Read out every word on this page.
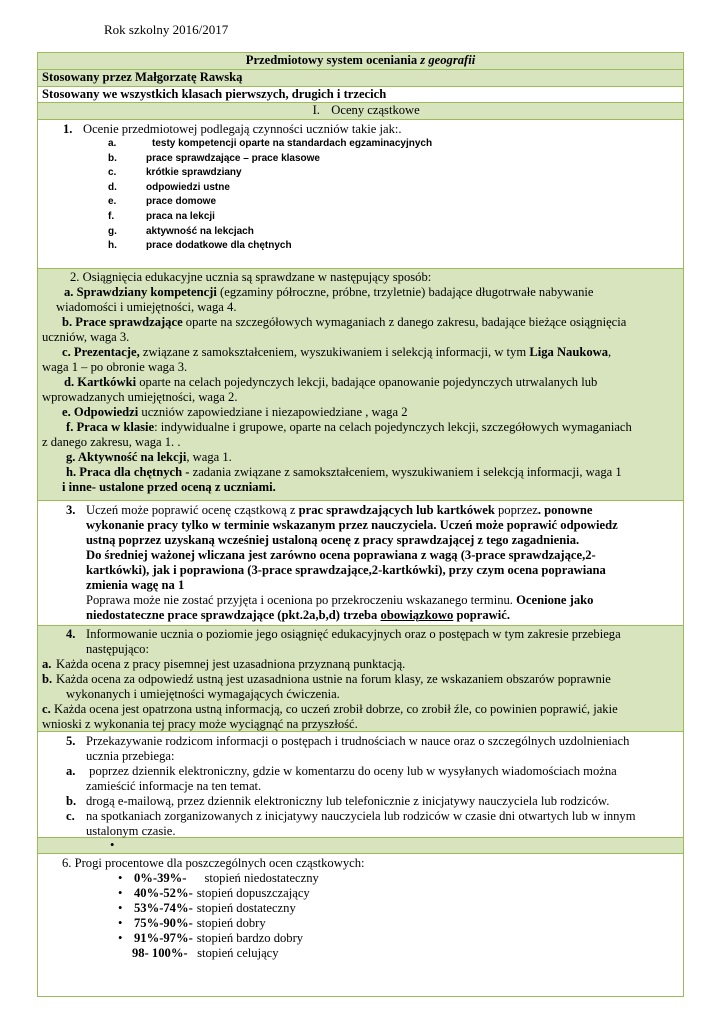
Rok szkolny 2016/2017
Przedmiotowy system oceniania z geografii
Stosowany przez Małgorzatę Rawską
Stosowany we wszystkich klasach pierwszych, drugich i trzecich
I. Oceny cząstkowe
1. Ocenie przedmiotowej podlegają czynności uczniów takie jak:.
a.	testy kompetencji oparte na standardach egzaminacyjnych
b.	prace sprawdzające – prace klasowe
c.	krótkie sprawdziany
d.	odpowiedzi ustne
e.	prace domowe
f.	praca na lekcji
g.	aktywność na lekcjach
h.	prace dodatkowe dla chętnych
2. Osiągnięcia edukacyjne ucznia są sprawdzane w następujący sposób:
a. Sprawdziany kompetencji (egzaminy półroczne, próbne, trzyletnie) badające długotrwałe nabywanie
wiadomości i umiejętności, waga 4.
b. Prace sprawdzające oparte na szczegółowych wymaganiach z danego zakresu, badające bieżące osiągnięcia
uczniów, waga 3.
c. Prezentacje, związane z samokształceniem, wyszukiwaniem i selekcją informacji, w tym Liga Naukowa,
waga 1 – po obronie waga 3.
d. Kartkówki oparte na celach pojedynczych lekcji, badające opanowanie pojedynczych utrwalanych lub
wprowadzanych umiejętności, waga 2.
e. Odpowiedzi uczniów zapowiedziane i niezapowiedziane , waga 2
f. Praca w klasie: indywidualne i grupowe, oparte na celach pojedynczych lekcji, szczegółowych wymaganiach
z danego zakresu, waga 1. .
g. Aktywność na lekcji, waga 1.
h. Praca dla chętnych - zadania związane z samokształceniem, wyszukiwaniem i selekcją informacji, waga 1
i inne- ustalone przed oceną z uczniami.
3. Uczeń może poprawić ocenę cząstkową z prac sprawdzających lub kartkówek poprzez. ponowne
wykonanie pracy tylko w terminie wskazanym przez nauczyciela. Uczeń może poprawić odpowiedz
ustną poprzez uzyskaną wcześniej ustaloną ocenę z pracy sprawdzającej z tego zagadnienia.
Do średniej ważonej wliczana jest zarówno ocena poprawiana z wagą (3-prace sprawdzające,2-
kartkówki), jak i poprawiona (3-prace sprawdzające,2-kartkówki), przy czym ocena poprawiana
zmienia wagę na 1
Poprawa może nie zostać przyjęta i oceniona po przekroczeniu wskazanego terminu. Ocenione jako
niedostateczne prace sprawdzające (pkt.2a,b,d) trzeba obowiązkowo poprawić.
4. Informowanie ucznia o poziomie jego osiągnięć edukacyjnych oraz o postępach w tym zakresie przebiega
następująco:
a. Każda ocena z pracy pisemnej jest uzasadniona przyznaną punktacją.
b. Każda ocena za odpowiedź ustną jest uzasadniona ustnie na forum klasy, ze wskazaniem obszarów poprawnie
wykonanych i umiejętności wymagających ćwiczenia.
c. Każda ocena jest opatrzona ustną informacją, co uczeń zrobił dobrze, co zrobił źle, co powinien poprawić, jakie
wnioski z wykonania tej pracy może wyciągnąć na przyszłość.
5. Przekazywanie rodzicom informacji o postępach i trudnościach w nauce oraz o szczególnych uzdolnieniach
ucznia przebiega:
a. poprzez dziennik elektroniczny, gdzie w komentarzu do oceny lub w wysyłanych wiadomościach można
zamieścić informacje na ten temat.
b. drogą e-mailową, przez dziennik elektroniczny lub telefonicznie z inicjatywy nauczyciela lub rodziców.
c. na spotkaniach zorganizowanych z inicjatywy nauczyciela lub rodziców w czasie dni otwartych lub w innym
ustalonym czasie.
•
6. Progi procentowe dla poszczególnych ocen cząstkowych:
• 0%-39%- stopień niedostateczny
• 40%-52%- stopień dopuszczający
• 53%-74%- stopień dostateczny
• 75%-90%- stopień dobry
• 91%-97%- stopień bardzo dobry
98- 100%- stopień celujący
